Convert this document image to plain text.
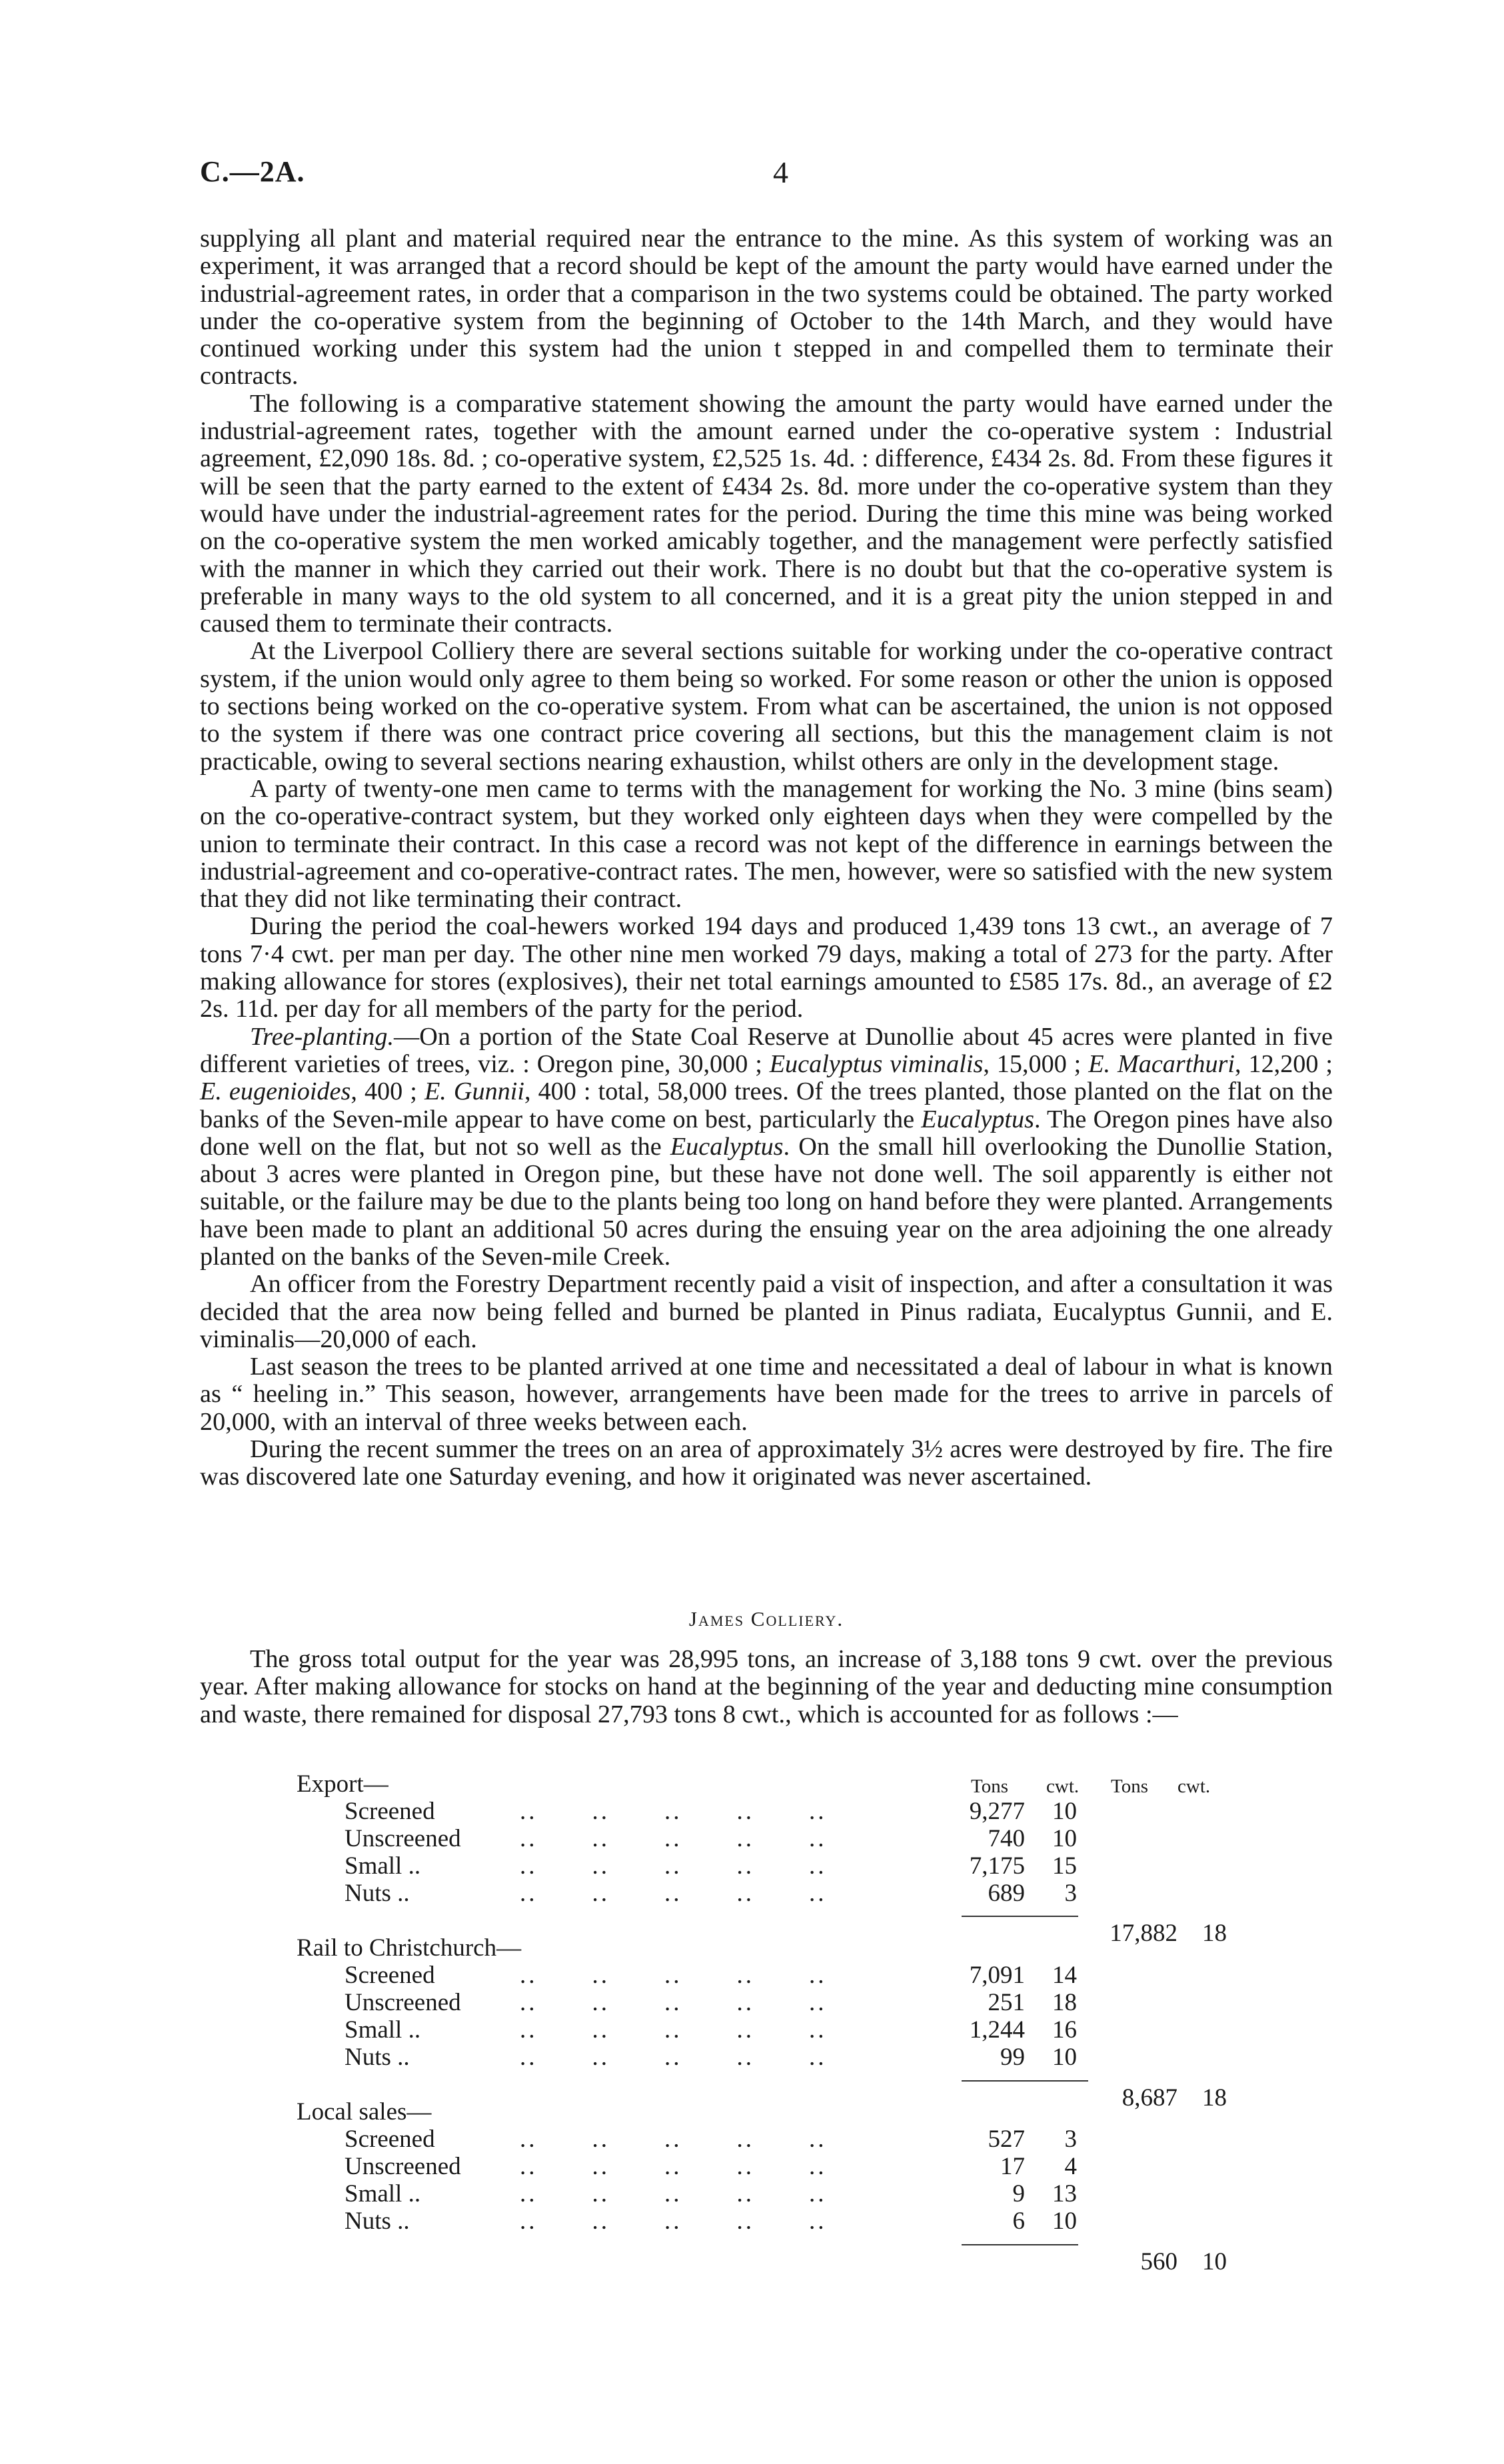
C.—2A.	4

supplying all plant and material required near the entrance to the mine. As this system of working was an experiment, it was arranged that a record should be kept of the amount the party would have earned under the industrial-agreement rates, in order that a comparison in the two systems could be obtained. The party worked under the co-operative system from the beginning of October to the 14th March, and they would have continued working under this system had the union t stepped in and compelled them to terminate their contracts.

The following is a comparative statement showing the amount the party would have earned under the industrial-agreement rates, together with the amount earned under the co-operative system : Industrial agreement, £2,090 18s. 8d. ; co-operative system, £2,525 1s. 4d. : difference, £434 2s. 8d. From these figures it will be seen that the party earned to the extent of £434 2s. 8d. more under the co-operative system than they would have under the industrial-agreement rates for the period. During the time this mine was being worked on the co-operative system the men worked amicably together, and the management were perfectly satisfied with the manner in which they carried out their work. There is no doubt but that the co-operative system is preferable in many ways to the old system to all concerned, and it is a great pity the union stepped in and caused them to terminate their contracts.

At the Liverpool Colliery there are several sections suitable for working under the co-operative contract system, if the union would only agree to them being so worked. For some reason or other the union is opposed to sections being worked on the co-operative system. From what can be ascertained, the union is not opposed to the system if there was one contract price covering all sections, but this the management claim is not practicable, owing to several sections nearing exhaustion, whilst others are only in the development stage.

A party of twenty-one men came to terms with the management for working the No. 3 mine (bins seam) on the co-operative-contract system, but they worked only eighteen days when they were compelled by the union to terminate their contract. In this case a record was not kept of the difference in earnings between the industrial-agreement and co-operative-contract rates. The men, however, were so satisfied with the new system that they did not like terminating their contract.

During the period the coal-hewers worked 194 days and produced 1,439 tons 13 cwt., an average of 7 tons 7·4 cwt. per man per day. The other nine men worked 79 days, making a total of 273 for the party. After making allowance for stores (explosives), their net total earnings amounted to £585 17s. 8d., an average of £2 2s. 11d. per day for all members of the party for the period.

Tree-planting.—On a portion of the State Coal Reserve at Dunollie about 45 acres were planted in five different varieties of trees, viz. : Oregon pine, 30,000 ; Eucalyptus viminalis, 15,000 ; E. Macarthuri, 12,200 ; E. eugenioides, 400 ; E. Gunnii, 400 : total, 58,000 trees. Of the trees planted, those planted on the flat on the banks of the Seven-mile appear to have come on best, particularly the Eucalyptus. The Oregon pines have also done well on the flat, but not so well as the Eucalyptus. On the small hill overlooking the Dunollie Station, about 3 acres were planted in Oregon pine, but these have not done well. The soil apparently is either not suitable, or the failure may be due to the plants being too long on hand before they were planted. Arrangements have been made to plant an additional 50 acres during the ensuing year on the area adjoining the one already planted on the banks of the Seven-mile Creek.

An officer from the Forestry Department recently paid a visit of inspection, and after a consultation it was decided that the area now being felled and burned be planted in Pinus radiata, Eucalyptus Gunnii, and E. viminalis—20,000 of each.

Last season the trees to be planted arrived at one time and necessitated a deal of labour in what is known as “ heeling in.” This season, however, arrangements have been made for the trees to arrive in parcels of 20,000, with an interval of three weeks between each.

During the recent summer the trees on an area of approximately 3½ acres were destroyed by fire. The fire was discovered late one Saturday evening, and how it originated was never ascertained.

James Colliery.

The gross total output for the year was 28,995 tons, an increase of 3,188 tons 9 cwt. over the previous year. After making allowance for stocks on hand at the beginning of the year and deducting mine consumption and waste, there remained for disposal 27,793 tons 8 cwt., which is accounted for as follows :—

Tons cwt. Tons cwt.
Export—
Screened	..  ..  ..  ..  ..	9,277 10
Unscreened ..  ..  ..  ..  ..	740 10
Small ..	..  ..  ..  ..  ..	7,175 15
Nuts ..	..  ..  ..  ..  ..	689 3
17,882 18
Rail to Christchurch—
Screened	..  ..  ..  ..  ..	7,091 14
Unscreened ..  ..  ..  ..  ..	251 18
Small ..	..  ..  ..  ..  ..	1,244 16
Nuts ..	..  ..  ..  ..  ..	99 10
8,687 18
Local sales—
Screened	..  ..  ..  ..  ..	527 3
Unscreened ..  ..  ..  ..  ..	17 4
Small ..	..  ..  ..  ..  ..	9 13
Nuts ..	..  ..  ..  ..  ..	6 10
560 10
